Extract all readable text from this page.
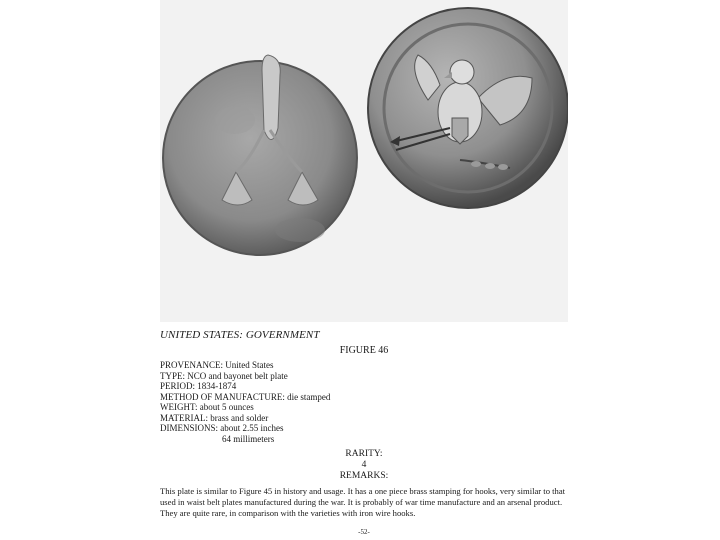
UNITED STATES: GOVERNMENT
FIGURE 46
PROVENANCE: United States
TYPE: NCO and bayonet belt plate
PERIOD: 1834-1874
METHOD OF MANUFACTURE: die stamped
WEIGHT: about 5 ounces
MATERIAL: brass and solder
DIMENSIONS: about 2.55 inches
64 millimeters
RARITY:
4
REMARKS:
This plate is similar to Figure 45 in history and usage. It has a one piece brass stamping for hooks, very similar to that used in waist belt plates manufactured during the war. It is probably of war time manufacture and an arsenal product. They are quite rare, in comparison with the varieties with iron wire hooks.
-52-
